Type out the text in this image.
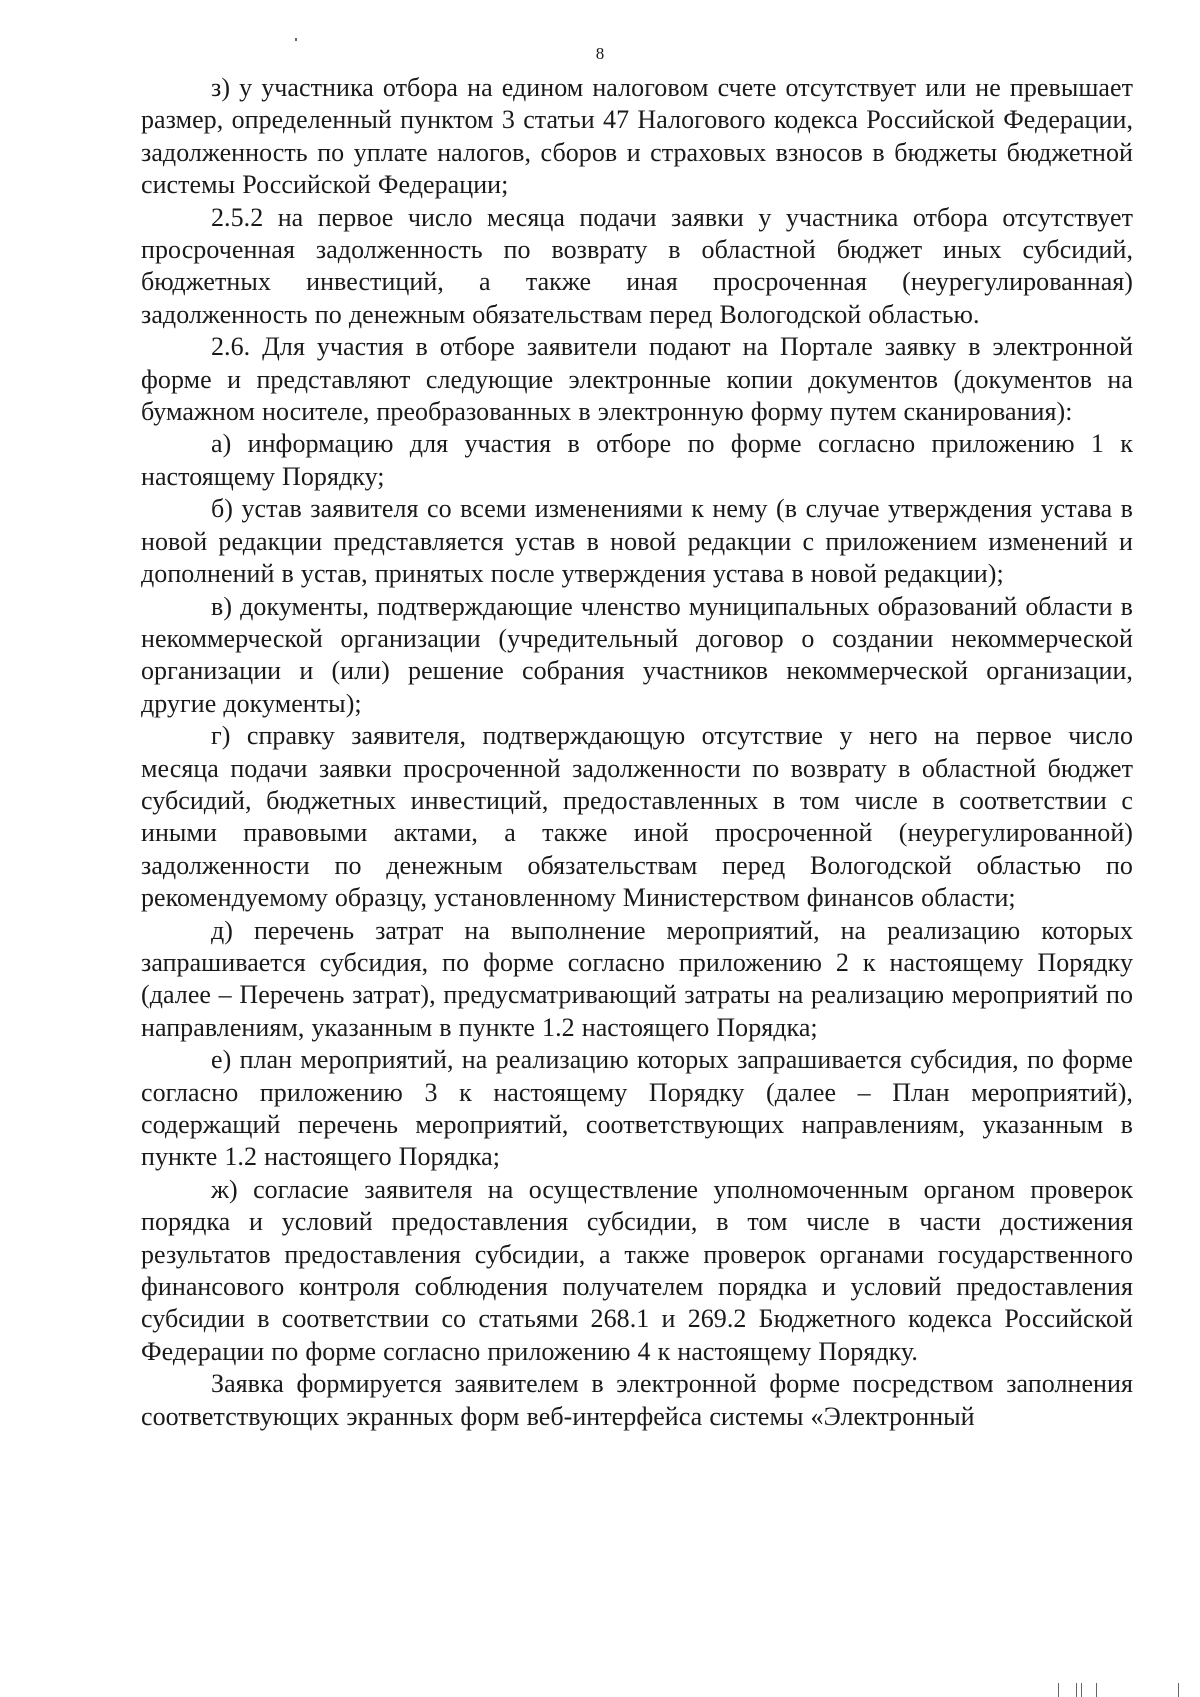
8

з) у участника отбора на едином налоговом счете отсутствует или не превышает размер, определенный пунктом 3 статьи 47 Налогового кодекса Российской Федерации, задолженность по уплате налогов, сборов и страховых взносов в бюджеты бюджетной системы Российской Федерации;

2.5.2 на первое число месяца подачи заявки у участника отбора отсутствует просроченная задолженность по возврату в областной бюджет иных субсидий, бюджетных инвестиций, а также иная просроченная (неурегулированная) задолженность по денежным обязательствам перед Вологодской областью.

2.6. Для участия в отборе заявители подают на Портале заявку в электронной форме и представляют следующие электронные копии документов (документов на бумажном носителе, преобразованных в электронную форму путем сканирования):

а) информацию для участия в отборе по форме согласно приложению 1 к настоящему Порядку;

б) устав заявителя со всеми изменениями к нему (в случае утверждения устава в новой редакции представляется устав в новой редакции с приложением изменений и дополнений в устав, принятых после утверждения устава в новой редакции);

в) документы, подтверждающие членство муниципальных образований области в некоммерческой организации (учредительный договор о создании некоммерческой организации и (или) решение собрания участников некоммерческой организации, другие документы);

г) справку заявителя, подтверждающую отсутствие у него на первое число месяца подачи заявки просроченной задолженности по возврату в областной бюджет субсидий, бюджетных инвестиций, предоставленных в том числе в соответствии с иными правовыми актами, а также иной просроченной (неурегулированной) задолженности по денежным обязательствам перед Вологодской областью по рекомендуемому образцу, установленному Министерством финансов области;

д) перечень затрат на выполнение мероприятий, на реализацию которых запрашивается субсидия, по форме согласно приложению 2 к настоящему Порядку (далее – Перечень затрат), предусматривающий затраты на реализацию мероприятий по направлениям, указанным в пункте 1.2 настоящего Порядка;

е) план мероприятий, на реализацию которых запрашивается субсидия, по форме согласно приложению 3 к настоящему Порядку (далее – План мероприятий), содержащий перечень мероприятий, соответствующих направлениям, указанным в пункте 1.2 настоящего Порядка;

ж) согласие заявителя на осуществление уполномоченным органом проверок порядка и условий предоставления субсидии, в том числе в части достижения результатов предоставления субсидии, а также проверок органами государственного финансового контроля соблюдения получателем порядка и условий предоставления субсидии в соответствии со статьями 268.1 и 269.2 Бюджетного кодекса Российской Федерации по форме согласно приложению 4 к настоящему Порядку.

Заявка формируется заявителем в электронной форме посредством заполнения соответствующих экранных форм веб-интерфейса системы «Электронный
